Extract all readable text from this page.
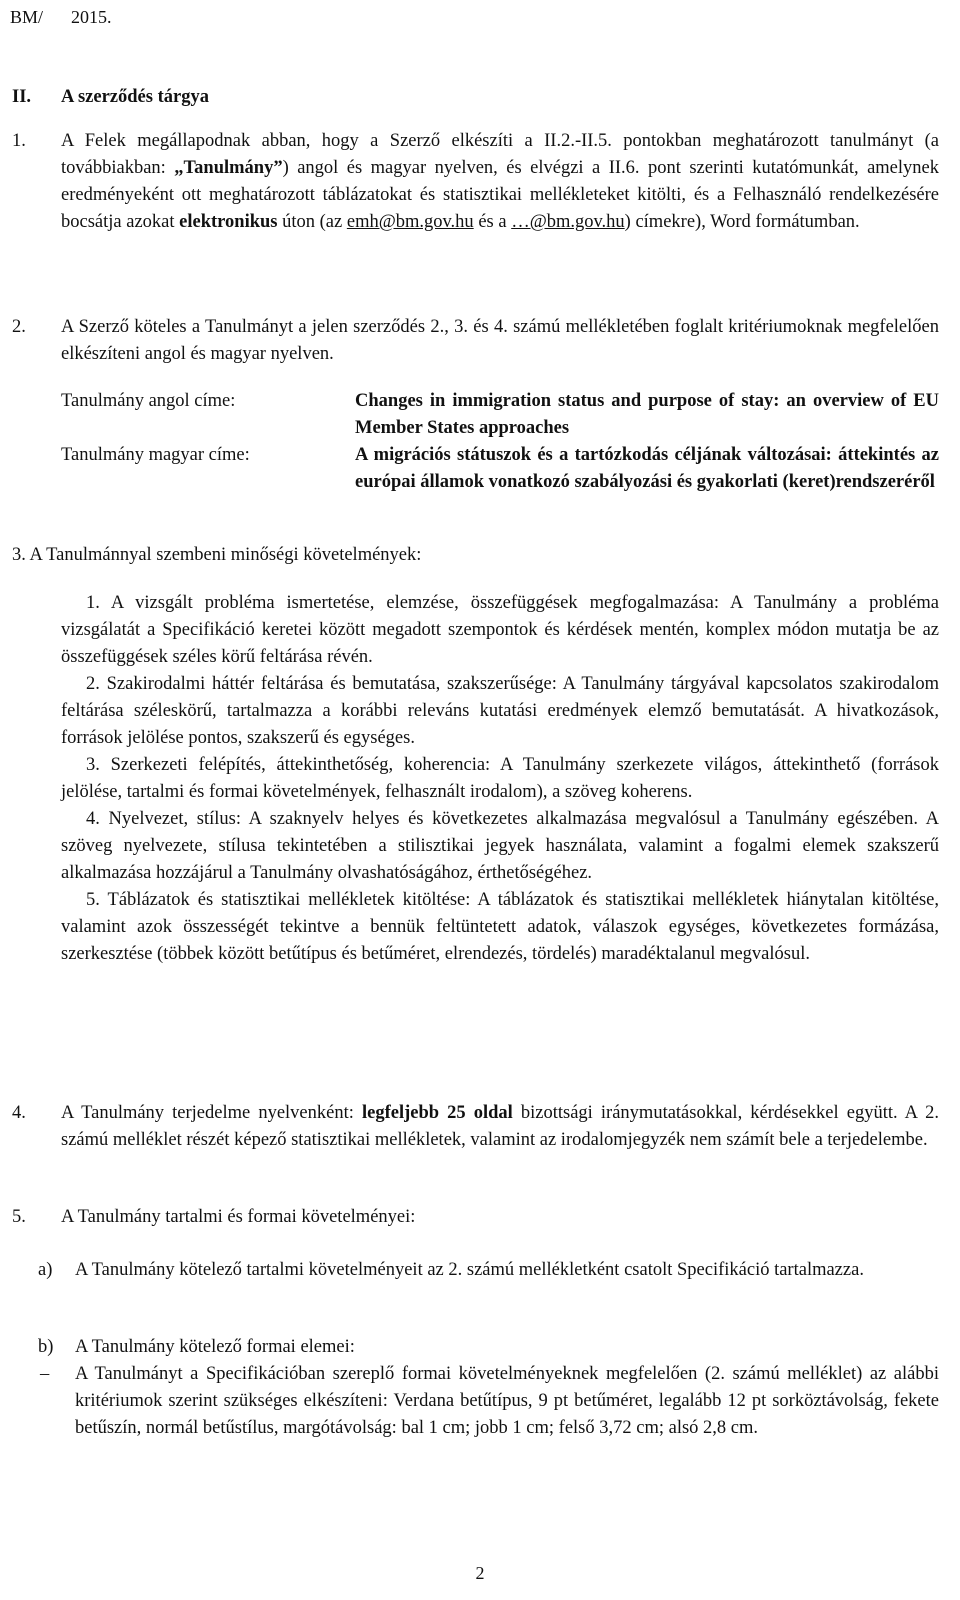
BM/ 2015.
II. A szerződés tárgya
1. A Felek megállapodnak abban, hogy a Szerző elkészíti a II.2.-II.5. pontokban meghatározott tanulmányt (a továbbiakban: „Tanulmány”) angol és magyar nyelven, és elvégzi a II.6. pont szerinti kutatómunkát, amelynek eredményeként ott meghatározott táblázatokat és statisztikai mellékleteket kitölti, és a Felhasználó rendelkezésére bocsátja azokat elektronikus úton (az emh@bm.gov.hu és a …@bm.gov.hu) címekre), Word formátumban.
2. A Szerző köteles a Tanulmányt a jelen szerződés 2., 3. és 4. számú mellékletében foglalt kritériumoknak megfelelően elkészíteni angol és magyar nyelven.
Tanulmány angol címe:	Changes in immigration status and purpose of stay: an overview of EU Member States approaches
Tanulmány magyar címe:	A migrációs státuszok és a tartózkodás céljának változásai: áttekintés az európai államok vonatkozó szabályozási és gyakorlati (keret)rendszeréről
3. A Tanulmánnyal szembeni minőségi követelmények:
1. A vizsgált probléma ismertetése, elemzése, összefüggések megfogalmazása: A Tanulmány a probléma vizsgálatát a Specifikáció keretei között megadott szempontok és kérdések mentén, komplex módon mutatja be az összefüggések széles körű feltárása révén.
2. Szakirodalmi háttér feltárása és bemutatása, szakszerűsége: A Tanulmány tárgyával kapcsolatos szakirodalom feltárása széleskörű, tartalmazza a korábbi releváns kutatási eredmények elemző bemutatását. A hivatkozások, források jelölése pontos, szakszerű és egységes.
3. Szerkezeti felépítés, áttekinthetőség, koherencia: A Tanulmány szerkezete világos, áttekinthető (források jelölése, tartalmi és formai követelmények, felhasznált irodalom), a szöveg koherens.
4. Nyelvezet, stílus: A szaknyelv helyes és következetes alkalmazása megvalósul a Tanulmány egészében. A szöveg nyelvezete, stílusa tekintetében a stilisztikai jegyek használata, valamint a fogalmi elemek szakszerű alkalmazása hozzájárul a Tanulmány olvashatóságához, érthetőségéhez.
5. Táblázatok és statisztikai mellékletek kitöltése: A táblázatok és statisztikai mellékletek hiánytalan kitöltése, valamint azok összességét tekintve a bennük feltüntetett adatok, válaszok egységes, következetes formázása, szerkesztése (többek között betűtípus és betűméret, elrendezés, tördelés) maradéktalanul megvalósul.
4. A Tanulmány terjedelme nyelvenként: legfeljebb 25 oldal bizottsági iránymutatásokkal, kérdésekkel együtt. A 2. számú melléklet részét képező statisztikai mellékletek, valamint az irodalomjegyzék nem számít bele a terjedelembe.
5. A Tanulmány tartalmi és formai követelményei:
a) A Tanulmány kötelező tartalmi követelményeit az 2. számú mellékletként csatolt Specifikáció tartalmazza.
b) A Tanulmány kötelező formai elemei:
– A Tanulmányt a Specifikációban szereplő formai követelményeknek megfelelően (2. számú melléklet) az alábbi kritériumok szerint szükséges elkészíteni: Verdana betűtípus, 9 pt betűméret, legalább 12 pt sorköztávolság, fekete betűszín, normál betűstílus, margótávolság: bal 1 cm; jobb 1 cm; felső 3,72 cm; alsó 2,8 cm.
2
